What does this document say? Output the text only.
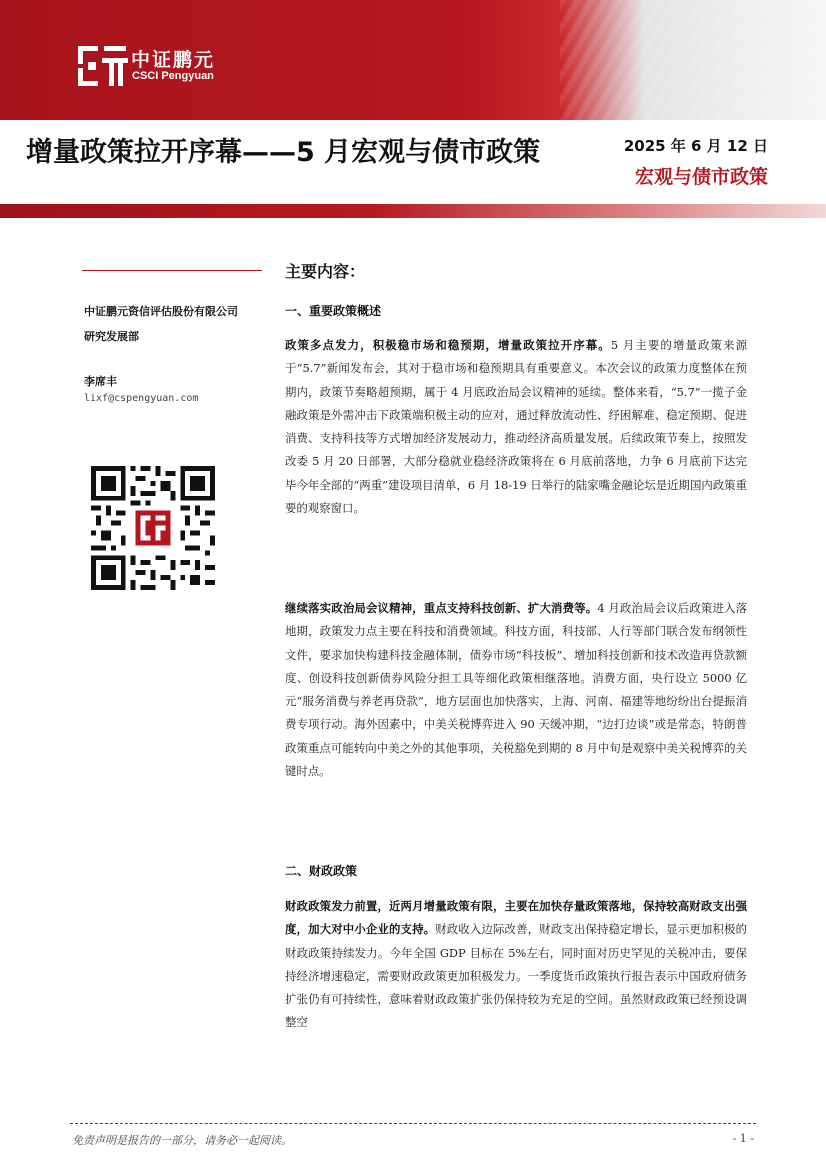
中证鹏元
CSCI Pengyuan
增量政策拉开序幕——5 月宏观与债市政策	2025 年 6 月 12 日
宏观与债市政策
中证鹏元资信评估股份有限公司
研究发展部
李席丰
lixf@cspengyuan.com
主要内容：
一、重要政策概述
政策多点发力，积极稳市场和稳预期，增量政策拉开序幕。5 月主要的增量政策来源于“5.7”新闻发布会，其对于稳市场和稳预期具有重要意义。本次会议的政策力度整体在预期内，政策节奏略超预期，属于 4 月底政治局会议精神的延续。整体来看，“5.7”一揽子金融政策是外需冲击下政策端积极主动的应对，通过释放流动性、纾困解难、稳定预期、促进消费、支持科技等方式增加经济发展动力，推动经济高质量发展。后续政策节奏上，按照发改委 5 月 20 日部署，大部分稳就业稳经济政策将在 6 月底前落地，力争 6 月底前下达完毕今年全部的“两重”建设项目清单，6 月 18-19 日举行的陆家嘴金融论坛是近期国内政策重要的观察窗口。
继续落实政治局会议精神，重点支持科技创新、扩大消费等。4 月政治局会议后政策进入落地期，政策发力点主要在科技和消费领域。科技方面，科技部、人行等部门联合发布纲领性文件，要求加快构建科技金融体制，债券市场“科技板”、增加科技创新和技术改造再贷款额度、创设科技创新债券风险分担工具等细化政策相继落地。消费方面，央行设立 5000 亿元“服务消费与养老再贷款”，地方层面也加快落实，上海、河南、福建等地纷纷出台提振消费专项行动。海外因素中，中美关税博弈进入 90 天缓冲期，“边打边谈”或是常态，特朗普政策重点可能转向中美之外的其他事项，关税豁免到期的 8 月中旬是观察中美关税博弈的关键时点。
二、财政政策
财政政策发力前置，近两月增量政策有限，主要在加快存量政策落地，保持较高财政支出强度，加大对中小企业的支持。财政收入边际改善，财政支出保持稳定增长，显示更加积极的财政政策持续发力。今年全国 GDP 目标在 5%左右，同时面对历史罕见的关税冲击，要保持经济增速稳定，需要财政政策更加积极发力。一季度货币政策执行报告表示中国政府债务扩张仍有可持续性，意味着财政政策扩张仍保持较为充足的空间。虽然财政政策已经预设调整空
免责声明是报告的一部分，请务必一起阅读。	- 1 -
